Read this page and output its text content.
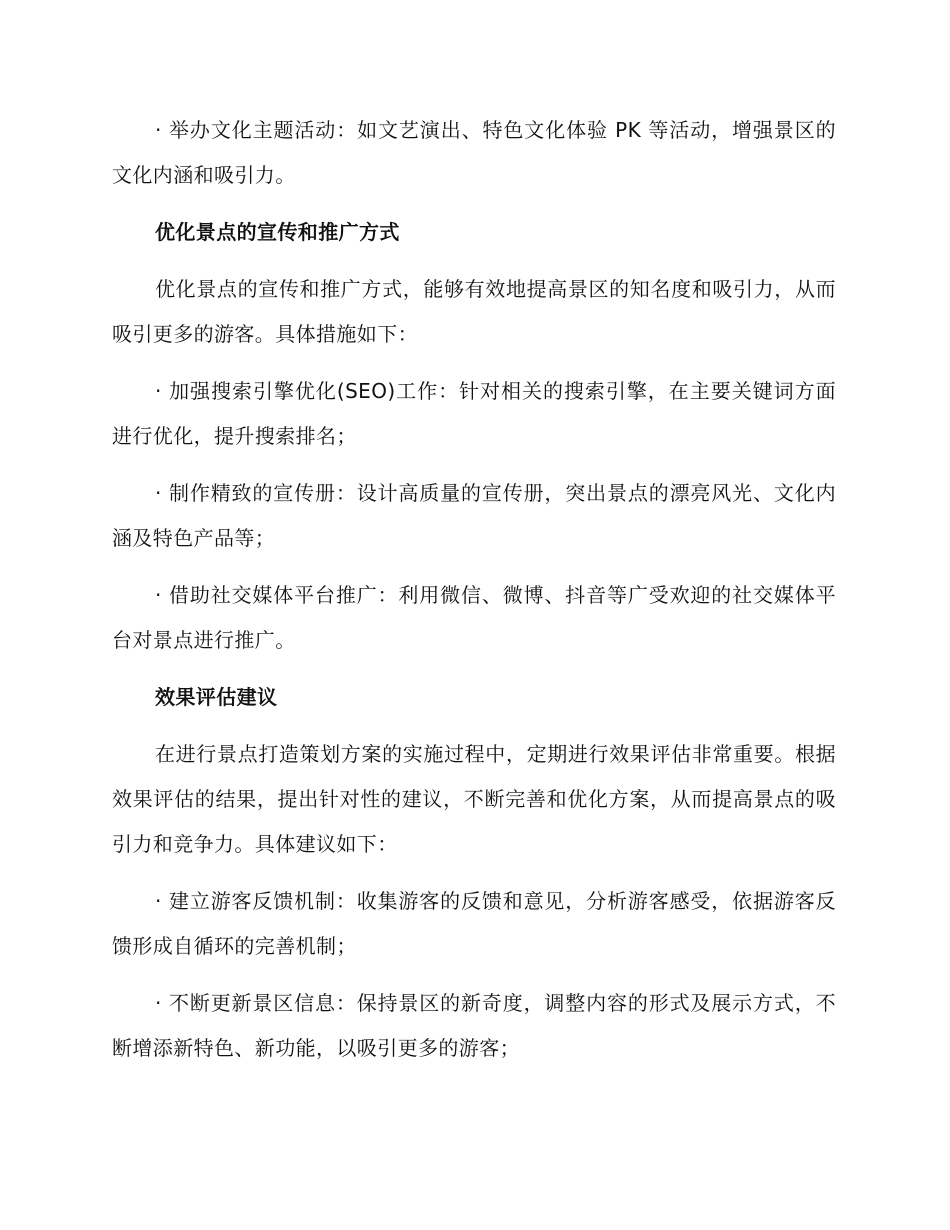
· 举办文化主题活动：如文艺演出、特色文化体验 PK 等活动，增强景区的文化内涵和吸引力。

优化景点的宣传和推广方式

优化景点的宣传和推广方式，能够有效地提高景区的知名度和吸引力，从而吸引更多的游客。具体措施如下：

· 加强搜索引擎优化(SEO)工作：针对相关的搜索引擎，在主要关键词方面进行优化，提升搜索排名；

· 制作精致的宣传册：设计高质量的宣传册，突出景点的漂亮风光、文化内涵及特色产品等；

· 借助社交媒体平台推广：利用微信、微博、抖音等广受欢迎的社交媒体平台对景点进行推广。

效果评估建议

在进行景点打造策划方案的实施过程中，定期进行效果评估非常重要。根据效果评估的结果，提出针对性的建议，不断完善和优化方案，从而提高景点的吸引力和竞争力。具体建议如下：

· 建立游客反馈机制：收集游客的反馈和意见，分析游客感受，依据游客反馈形成自循环的完善机制；

· 不断更新景区信息：保持景区的新奇度，调整内容的形式及展示方式，不断增添新特色、新功能，以吸引更多的游客；
